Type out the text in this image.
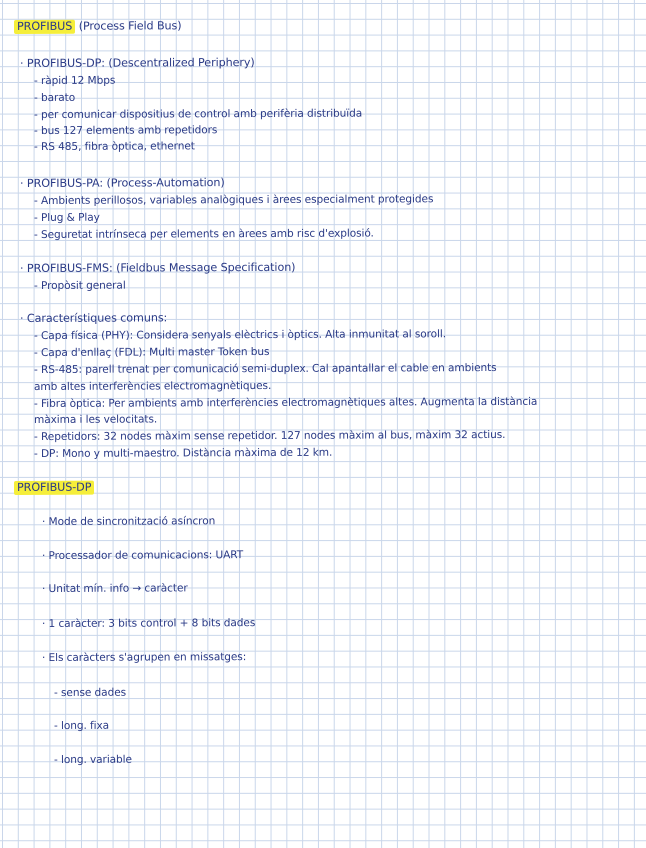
PROFIBUS (Process Field Bus)
· PROFIBUS-DP: (Descentralized Periphery)
- ràpid 12 Mbps
- barato
- per comunicar dispositius de control amb perifèria distribuïda
- bus 127 elements amb repetidors
- RS 485, fibra òptica, ethernet
· PROFIBUS-PA: (Process-Automation)
- Ambients perillosos, variables analògiques i àrees especialment protegides
- Plug & Play
- Seguretat intrínseca per elements en àrees amb risc d'explosió.
· PROFIBUS-FMS: (Fieldbus Message Specification)
- Propòsit general
· Característiques comuns:
- Capa física (PHY): Considera senyals elèctrics i òptics. Alta inmunitat al soroll.
- Capa d'enllaç (FDL): Multi master Token bus
- RS-485: parell trenat per comunicació semi-duplex. Cal apantallar el cable en ambients
amb altes interferències electromagnètiques.
- Fibra òptica: Per ambients amb interferències electromagnètiques altes. Augmenta la distància
màxima i les velocitats.
- Repetidors: 32 nodes màxim sense repetidor. 127 nodes màxim al bus, màxim 32 actius.
- DP: Mono y multi-maestro. Distància màxima de 12 km.
PROFIBUS-DP
· Mode de sincronització asíncron
· Processador de comunicacions: UART
· Unitat mín. info → caràcter
· 1 caràcter: 3 bits control + 8 bits dades
· Els caràcters s'agrupen en missatges:
- sense dades
- long. fixa
- long. variable
